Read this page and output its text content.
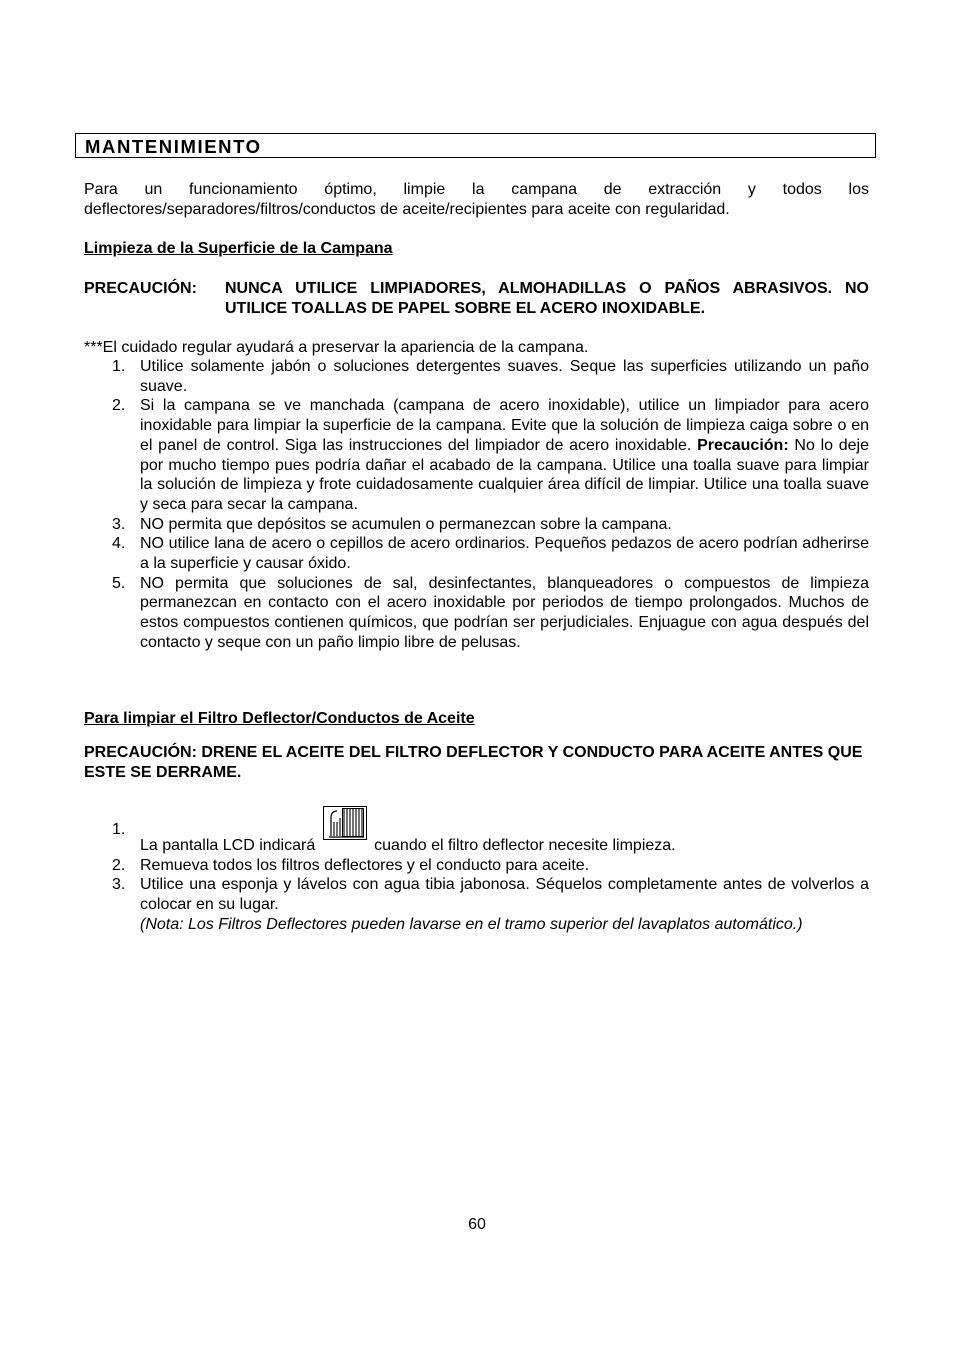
MANTENIMIENTO
Para un funcionamiento óptimo, limpie la campana de extracción y todos los deflectores/separadores/filtros/conductos de aceite/recipientes para aceite con regularidad.
Limpieza de la Superficie de la Campana
PRECAUCIÓN: NUNCA UTILICE LIMPIADORES, ALMOHADILLAS O PAÑOS ABRASIVOS. NO UTILICE TOALLAS DE PAPEL SOBRE EL ACERO INOXIDABLE.
***El cuidado regular ayudará a preservar la apariencia de la campana.
1. Utilice solamente jabón o soluciones detergentes suaves. Seque las superficies utilizando un paño suave.
2. Si la campana se ve manchada (campana de acero inoxidable), utilice un limpiador para acero inoxidable para limpiar la superficie de la campana. Evite que la solución de limpieza caiga sobre o en el panel de control. Siga las instrucciones del limpiador de acero inoxidable. Precaución: No lo deje por mucho tiempo pues podría dañar el acabado de la campana. Utilice una toalla suave para limpiar la solución de limpieza y frote cuidadosamente cualquier área difícil de limpiar. Utilice una toalla suave y seca para secar la campana.
3. NO permita que depósitos se acumulen o permanezcan sobre la campana.
4. NO utilice lana de acero o cepillos de acero ordinarios. Pequeños pedazos de acero podrían adherirse a la superficie y causar óxido.
5. NO permita que soluciones de sal, desinfectantes, blanqueadores o compuestos de limpieza permanezcan en contacto con el acero inoxidable por periodos de tiempo prolongados. Muchos de estos compuestos contienen químicos, que podrían ser perjudiciales. Enjuague con agua después del contacto y seque con un paño limpio libre de pelusas.
Para limpiar el Filtro Deflector/Conductos de Aceite
PRECAUCIÓN: DRENE EL ACEITE DEL FILTRO DEFLECTOR Y CONDUCTO PARA ACEITE ANTES QUE ESTE SE DERRAME.
1.
La pantalla LCD indicará	cuando el filtro deflector necesite limpieza.
2. Remueva todos los filtros deflectores y el conducto para aceite.
3. Utilice una esponja y lávelos con agua tibia jabonosa. Séquelos completamente antes de volverlos a colocar en su lugar.
(Nota: Los Filtros Deflectores pueden lavarse en el tramo superior del lavaplatos automático.)
60
